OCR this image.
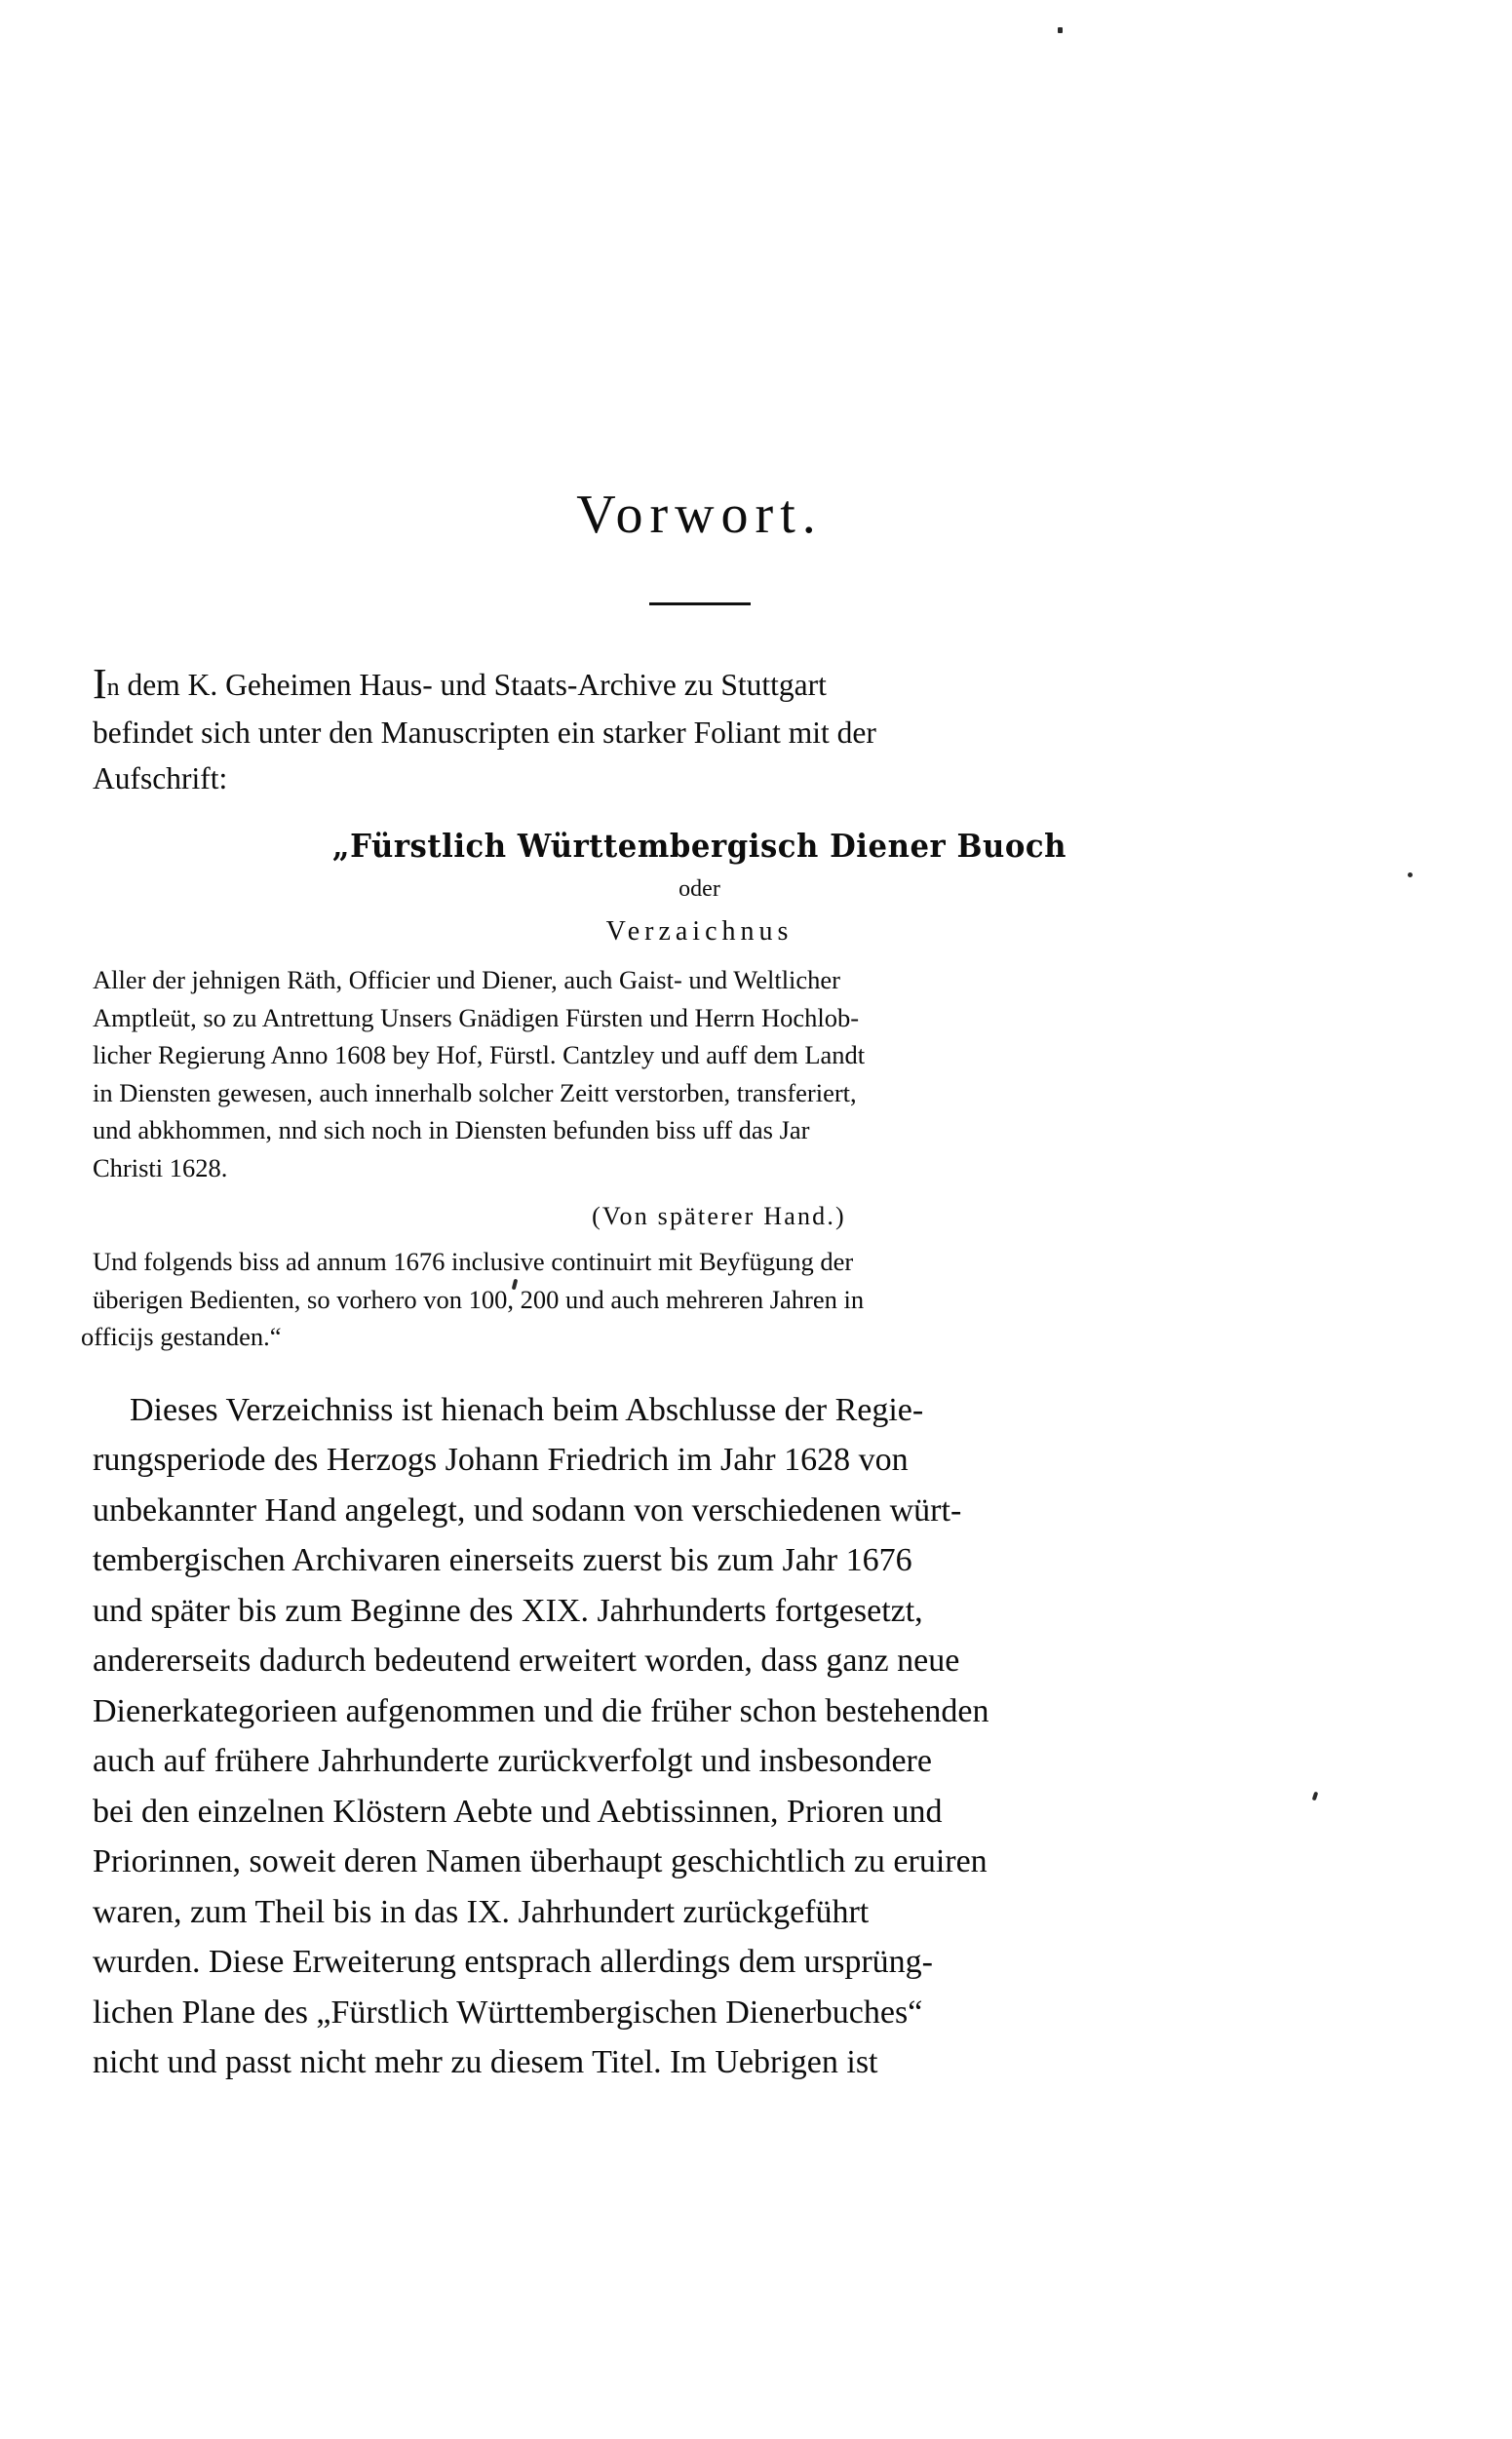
Vorwort.

In dem K. Geheimen Haus- und Staats-Archive zu Stuttgart
befindet sich unter den Manuscripten ein starker Foliant mit der
Aufschrift:

„Fürstlich Württembergisch Diener Buoch

oder

Verzaichnus

Aller der jehnigen Räth, Officier und Diener, auch Gaist- und Weltlicher
Amptleüt, so zu Antrettung Unsers Gnädigen Fürsten und Herrn Hochlob-
licher Regierung Anno 1608 bey Hof, Fürstl. Cantzley und auff dem Landt
in Diensten gewesen, auch innerhalb solcher Zeitt verstorben, transferiert,
und abkhommen, nnd sich noch in Diensten befunden biss uff das Jar
Christi 1628.

(Von späterer Hand.)

Und folgends biss ad annum 1676 inclusive continuirt mit Beyfügung der
überigen Bedienten, so vorhero von 100, 200 und auch mehreren Jahren in
officijs gestanden.“

Dieses Verzeichniss ist hienach beim Abschlusse der Regie-
rungsperiode des Herzogs Johann Friedrich im Jahr 1628 von
unbekannter Hand angelegt, und sodann von verschiedenen würt-
tembergischen Archivaren einerseits zuerst bis zum Jahr 1676
und später bis zum Beginne des XIX. Jahrhunderts fortgesetzt,
andererseits dadurch bedeutend erweitert worden, dass ganz neue
Dienerkategorieen aufgenommen und die früher schon bestehenden
auch auf frühere Jahrhunderte zurückverfolgt und insbesondere
bei den einzelnen Klöstern Aebte und Aebtissinnen, Prioren und
Priorinnen, soweit deren Namen überhaupt geschichtlich zu eruiren
waren, zum Theil bis in das IX. Jahrhundert zurückgeführt
wurden. Diese Erweiterung entsprach allerdings dem ursprüng-
lichen Plane des „Fürstlich Württembergischen Dienerbuches“
nicht und passt nicht mehr zu diesem Titel. Im Uebrigen ist
